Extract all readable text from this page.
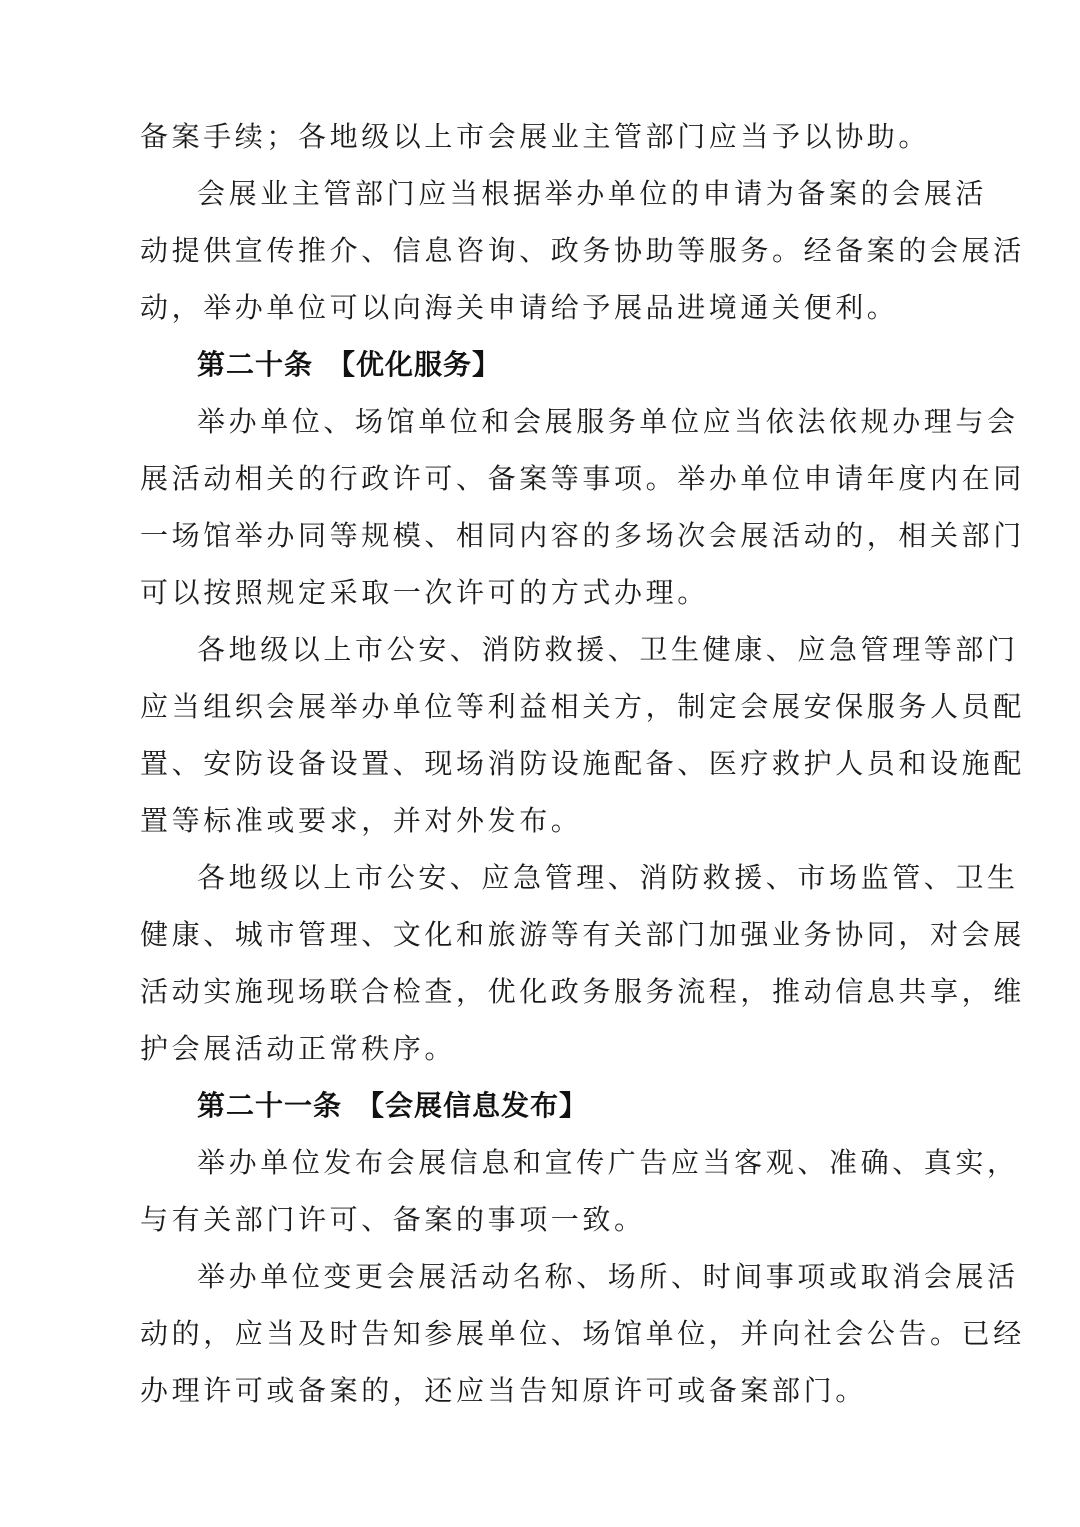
备案手续；各地级以上市会展业主管部门应当予以协助。
会展业主管部门应当根据举办单位的申请为备案的会展活
动提供宣传推介、信息咨询、政务协助等服务。经备案的会展活
动，举办单位可以向海关申请给予展品进境通关便利。
第二十条 【优化服务】
举办单位、场馆单位和会展服务单位应当依法依规办理与会
展活动相关的行政许可、备案等事项。举办单位申请年度内在同
一场馆举办同等规模、相同内容的多场次会展活动的，相关部门
可以按照规定采取一次许可的方式办理。
各地级以上市公安、消防救援、卫生健康、应急管理等部门
应当组织会展举办单位等利益相关方，制定会展安保服务人员配
置、安防设备设置、现场消防设施配备、医疗救护人员和设施配
置等标准或要求，并对外发布。
各地级以上市公安、应急管理、消防救援、市场监管、卫生
健康、城市管理、文化和旅游等有关部门加强业务协同，对会展
活动实施现场联合检查，优化政务服务流程，推动信息共享，维
护会展活动正常秩序。
第二十一条 【会展信息发布】
举办单位发布会展信息和宣传广告应当客观、准确、真实，
与有关部门许可、备案的事项一致。
举办单位变更会展活动名称、场所、时间事项或取消会展活
动的，应当及时告知参展单位、场馆单位，并向社会公告。已经
办理许可或备案的，还应当告知原许可或备案部门。
